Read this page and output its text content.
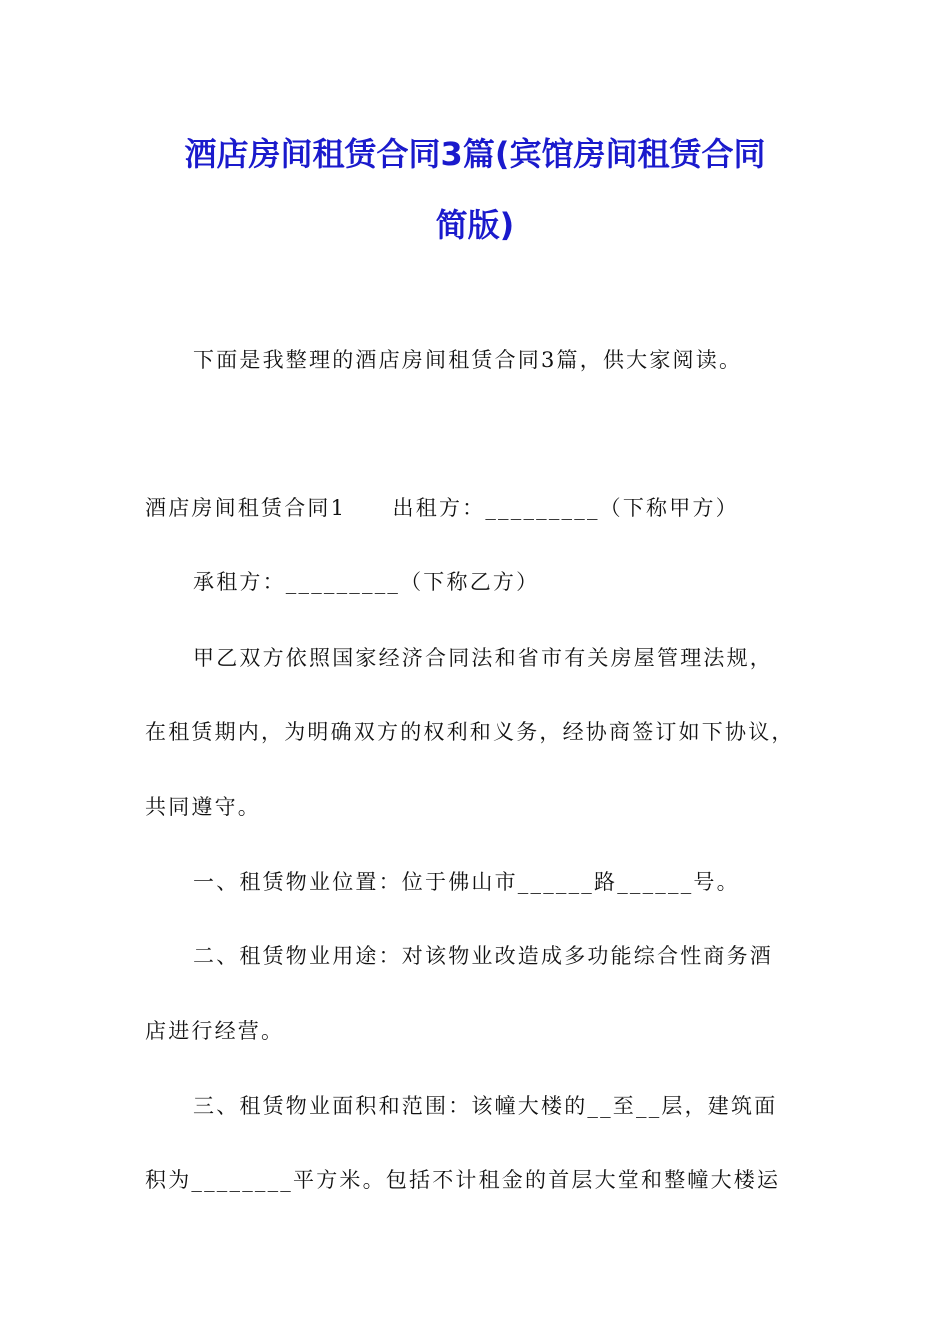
酒店房间租赁合同3篇(宾馆房间租赁合同
简版)
下面是我整理的酒店房间租赁合同3篇，供大家阅读。
酒店房间租赁合同1　　出租方：_________（下称甲方）
承租方：_________（下称乙方）
甲乙双方依照国家经济合同法和省市有关房屋管理法规，
在租赁期内，为明确双方的权利和义务，经协商签订如下协议，
共同遵守。
一、租赁物业位置：位于佛山市______路______号。
二、租赁物业用途：对该物业改造成多功能综合性商务酒
店进行经营。
三、租赁物业面积和范围：该幢大楼的__至__层，建筑面
积为________平方米。包括不计租金的首层大堂和整幢大楼运
